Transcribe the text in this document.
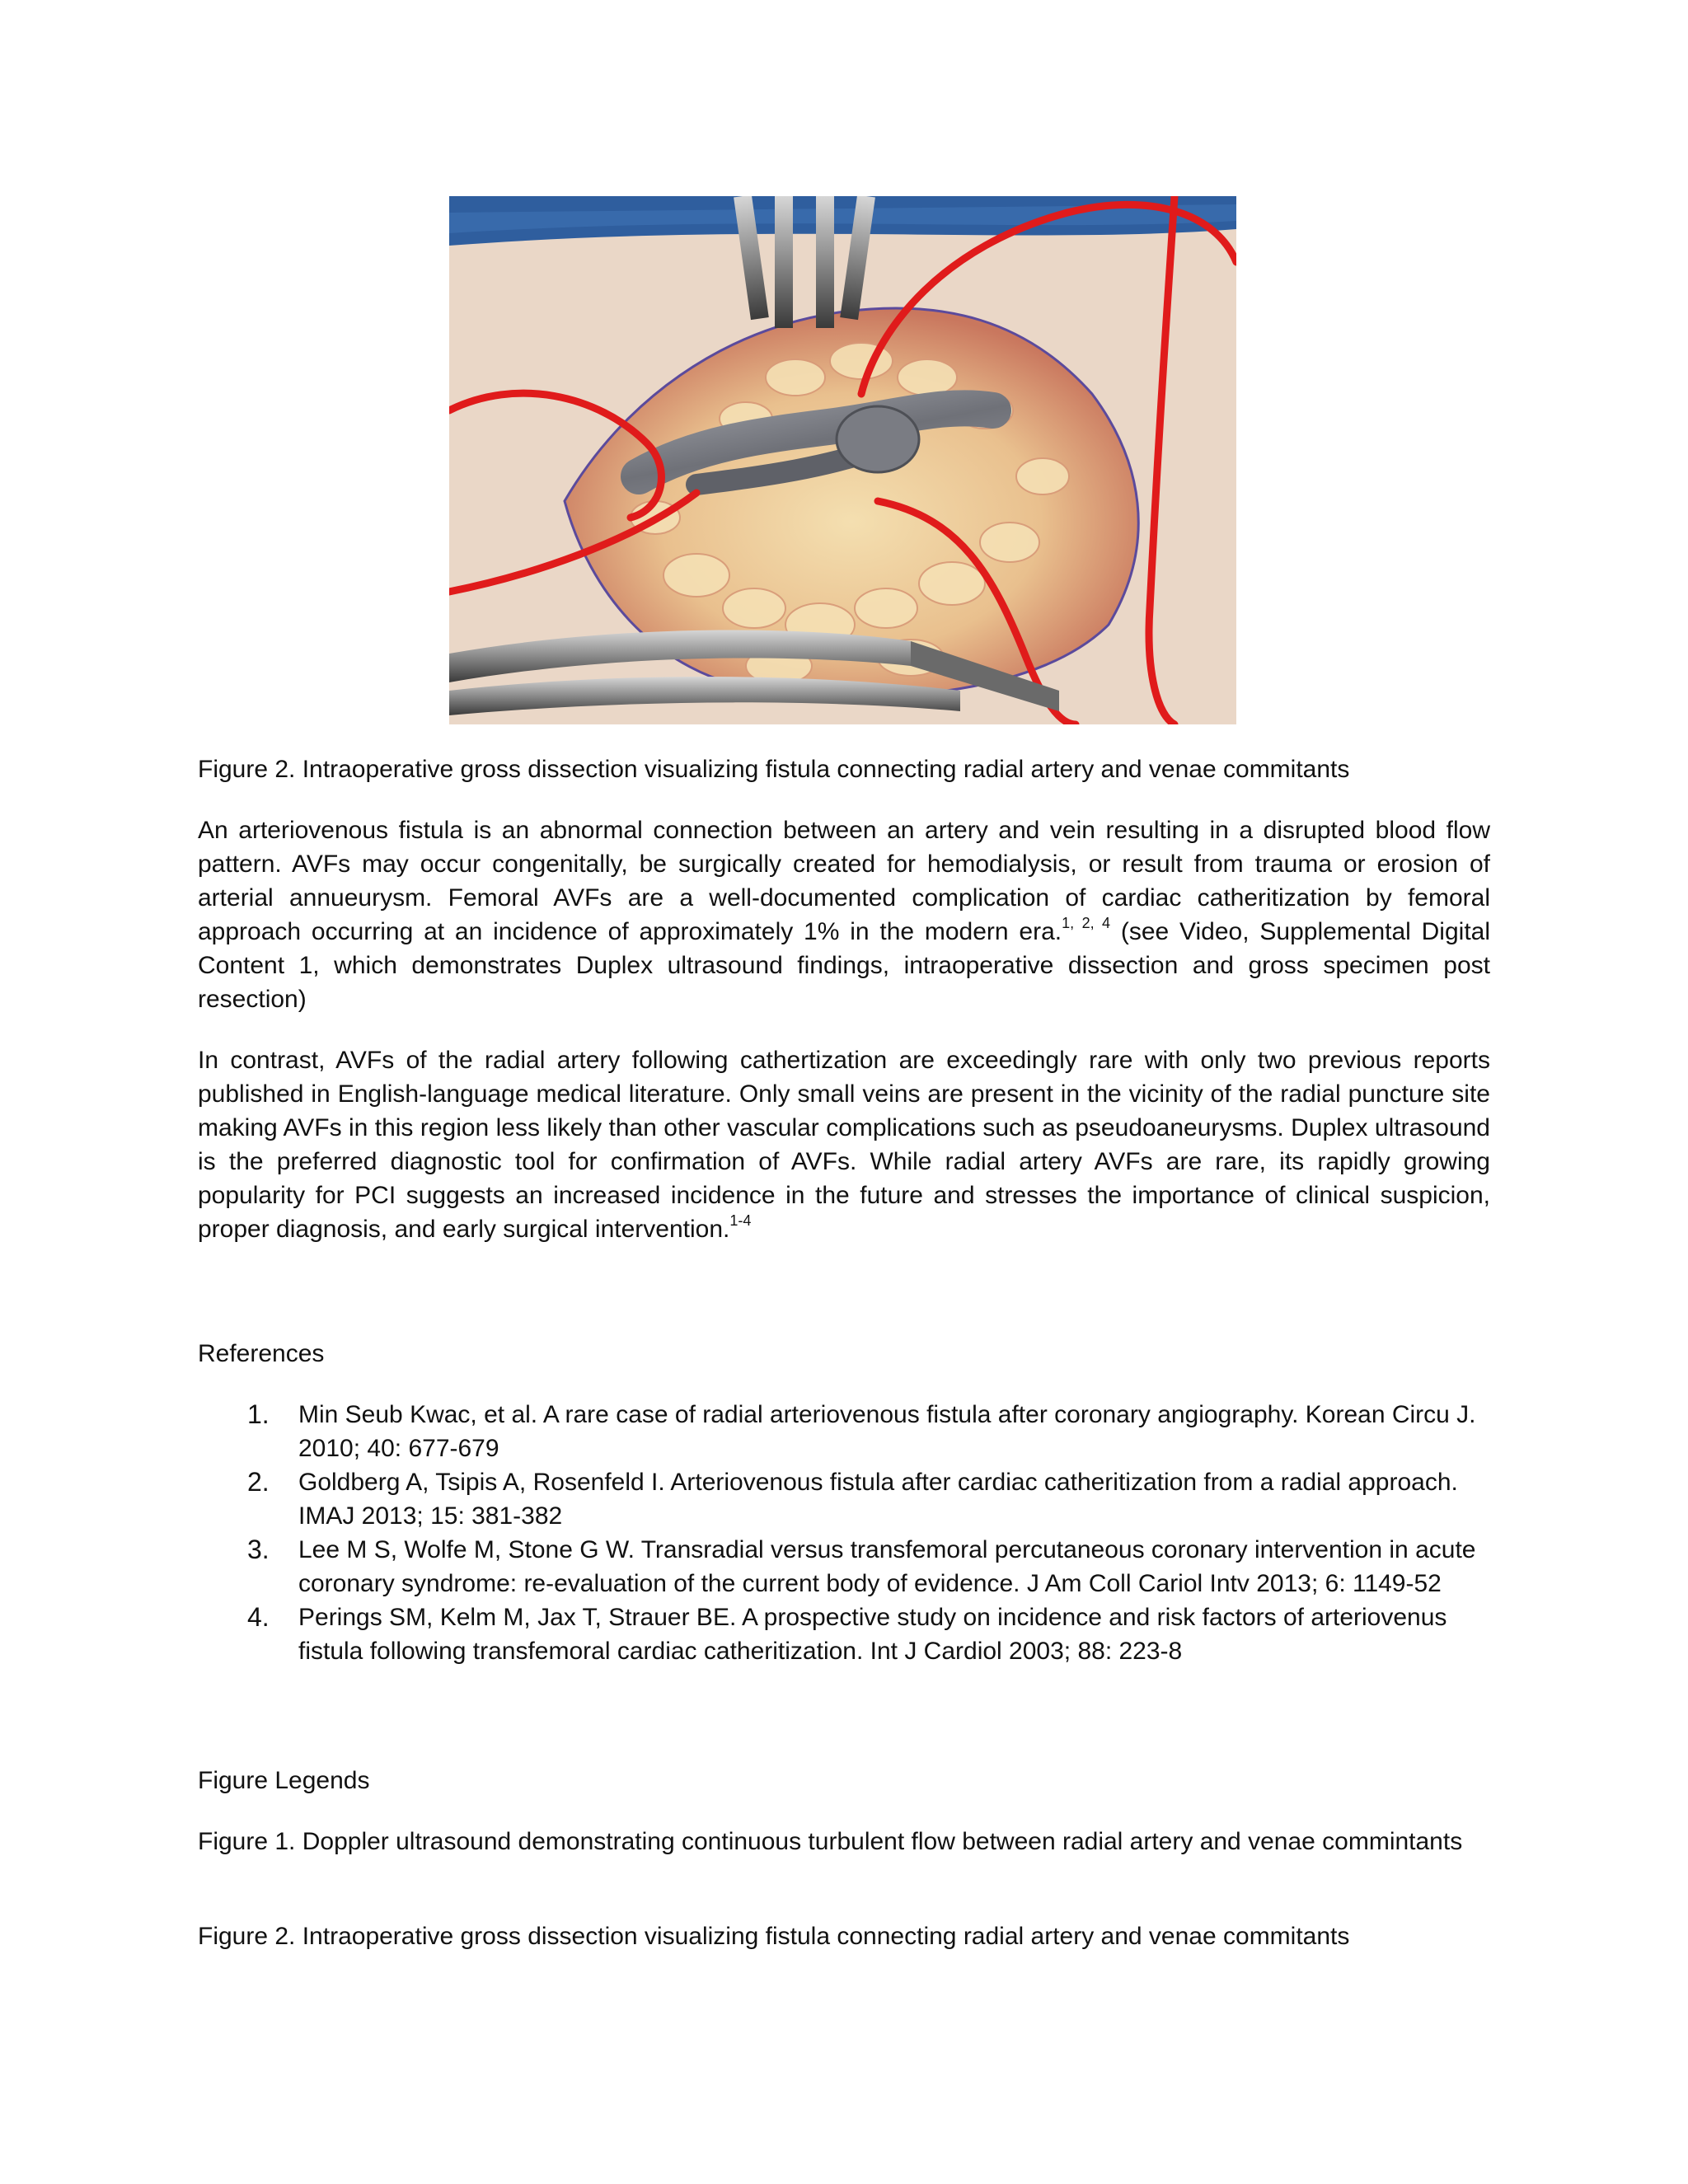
Figure 2. Intraoperative gross dissection visualizing fistula connecting radial artery and venae commitants
An arteriovenous fistula is an abnormal connection between an artery and vein resulting in a disrupted blood flow pattern. AVFs may occur congenitally, be surgically created for hemodialysis, or result from trauma or erosion of arterial annueurysm. Femoral AVFs are a well-documented complication of cardiac catheritization by femoral approach occurring at an incidence of approximately 1% in the modern era.$^{1, 2, 4}$ (see Video, Supplemental Digital Content 1, which demonstrates Duplex ultrasound findings, intraoperative dissection and gross specimen post resection)
In contrast, AVFs of the radial artery following cathertization are exceedingly rare with only two previous reports published in English-language medical literature. Only small veins are present in the vicinity of the radial puncture site making AVFs in this region less likely than other vascular complications such as pseudoaneurysms. Duplex ultrasound is the preferred diagnostic tool for confirmation of AVFs. While radial artery AVFs are rare, its rapidly growing popularity for PCI suggests an increased incidence in the future and stresses the importance of clinical suspicion, proper diagnosis, and early surgical intervention.$^{1-4}$
References
1. Min Seub Kwac, et al. A rare case of radial arteriovenous fistula after coronary angiography. Korean Circu J. 2010; 40: 677-679
2. Goldberg A, Tsipis A, Rosenfeld I. Arteriovenous fistula after cardiac catheritization from a radial approach. IMAJ 2013; 15: 381-382
3. Lee M S, Wolfe M, Stone G W. Transradial versus transfemoral percutaneous coronary intervention in acute coronary syndrome: re-evaluation of the current body of evidence. J Am Coll Cariol Intv 2013; 6: 1149-52
4. Perings SM, Kelm M, Jax T, Strauer BE. A prospective study on incidence and risk factors of arteriovenus fistula following transfemoral cardiac catheritization. Int J Cardiol 2003; 88: 223-8
Figure Legends
Figure 1. Doppler ultrasound demonstrating continuous turbulent flow between radial artery and venae commintants
Figure 2. Intraoperative gross dissection visualizing fistula connecting radial artery and venae commitants
